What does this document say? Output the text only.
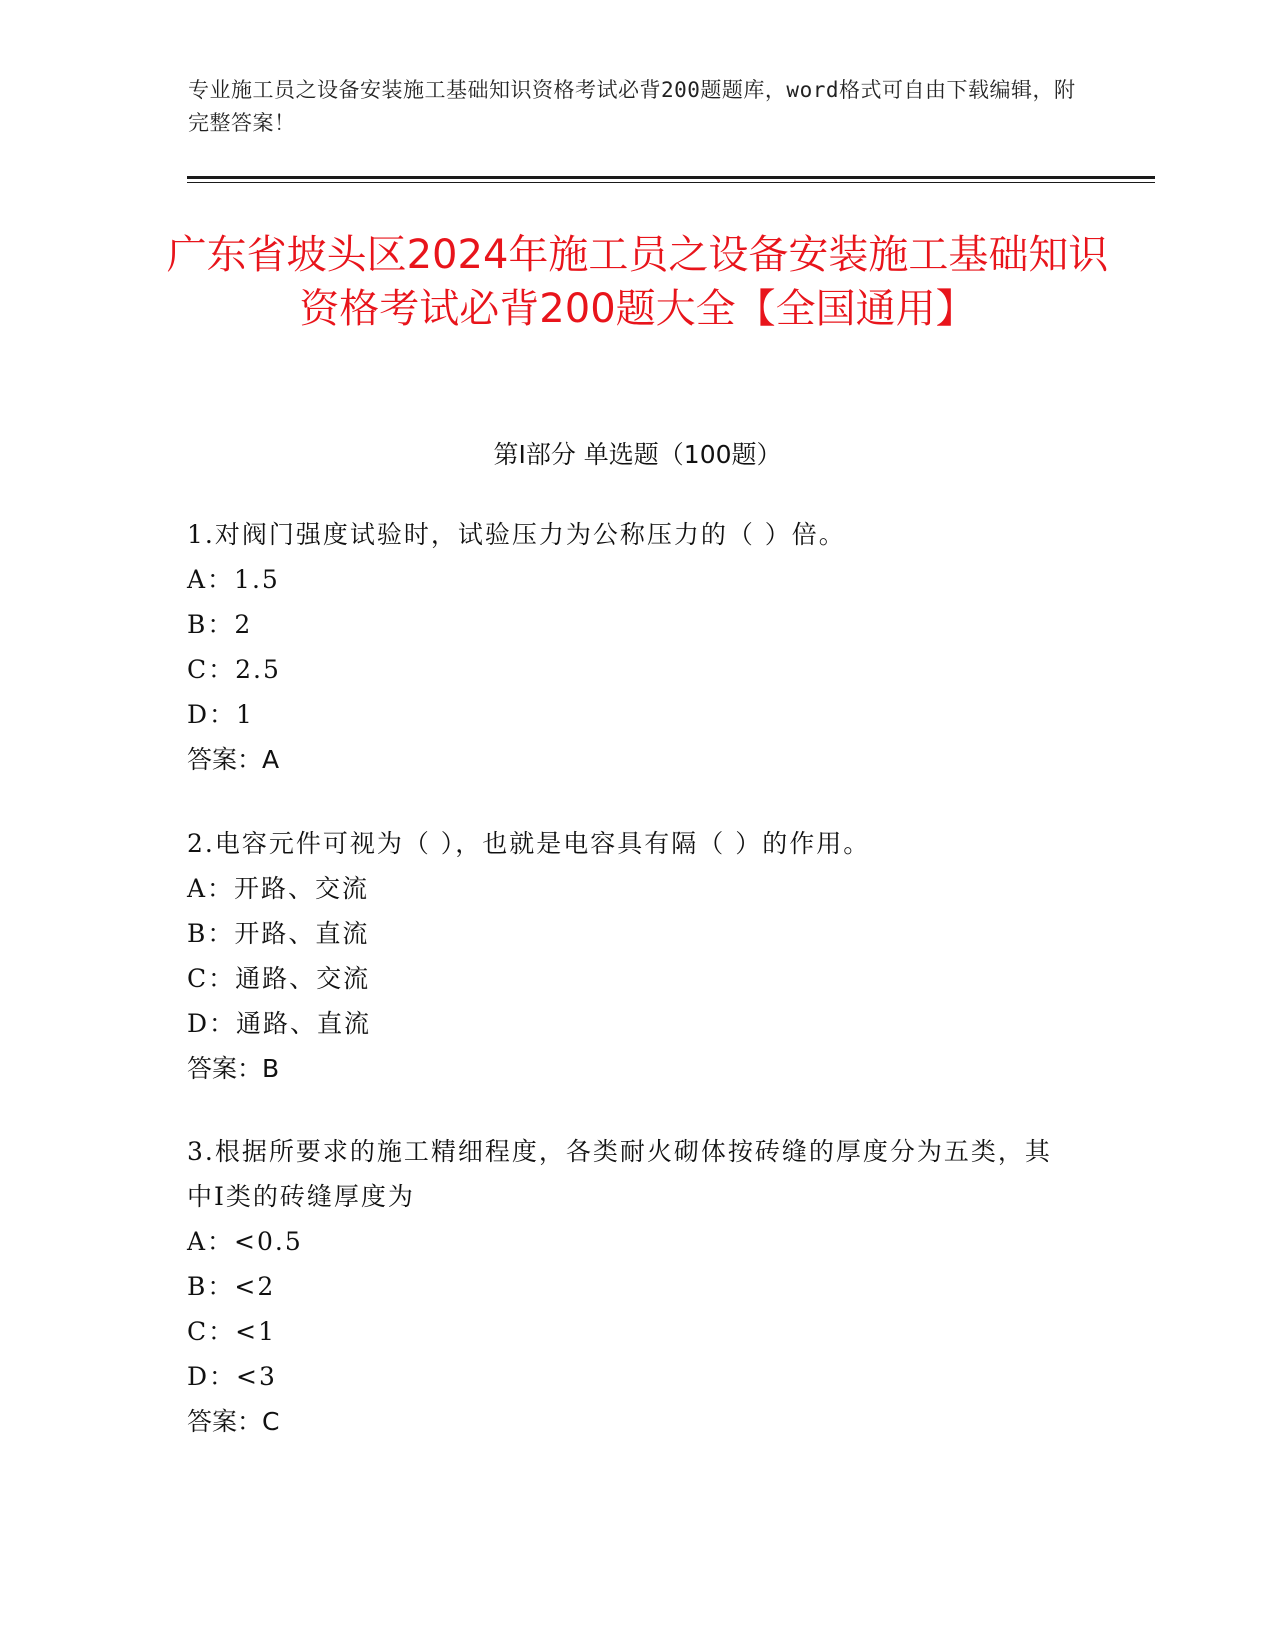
专业施工员之设备安装施工基础知识资格考试必背200题题库，word格式可自由下载编辑，附完整答案！
广东省坡头区2024年施工员之设备安装施工基础知识资格考试必背200题大全【全国通用】
第I部分 单选题（100题）
1.对阀门强度试验时，试验压力为公称压力的（ ）倍。
A：1.5
B：2
C：2.5
D：1
答案：A
2.电容元件可视为（ ），也就是电容具有隔（ ）的作用。
A：开路、交流
B：开路、直流
C：通路、交流
D：通路、直流
答案：B
3.根据所要求的施工精细程度，各类耐火砌体按砖缝的厚度分为五类，其中I类的砖缝厚度为
A：<0.5
B：<2
C：<1
D：<3
答案：C
